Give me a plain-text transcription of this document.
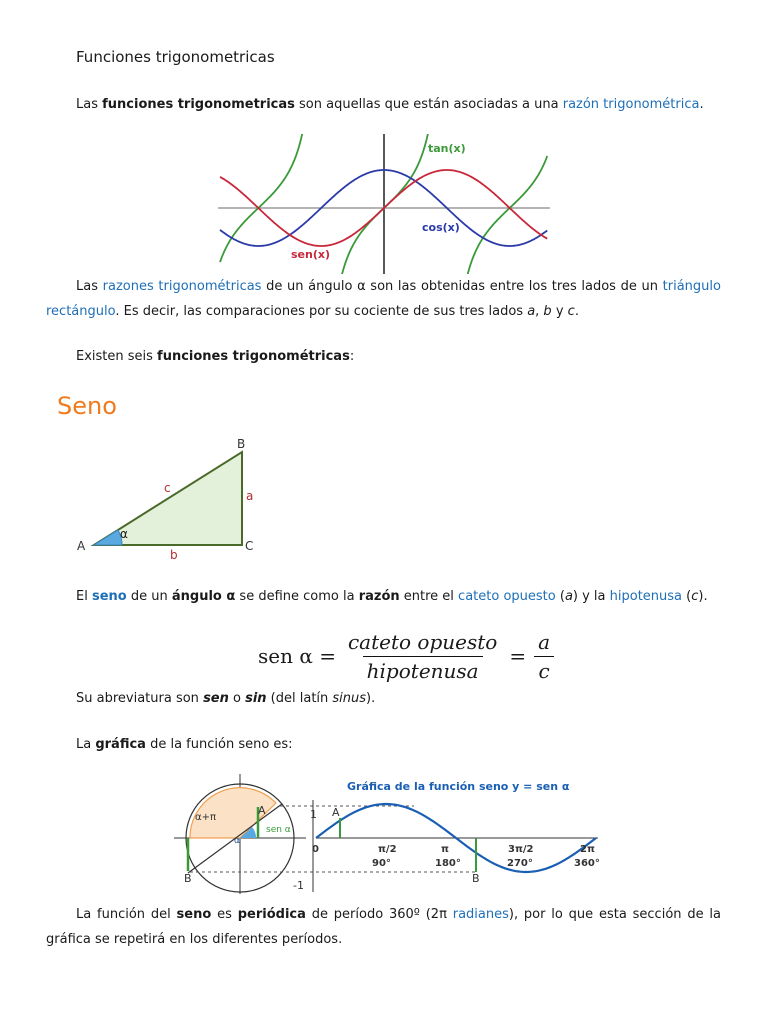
Funciones trigonometricas
Las funciones trigonometricas son aquellas que están asociadas a una razón trigonométrica.
tan(x)
cos(x)
sen(x)
Las razones trigonométricas de un ángulo α son las obtenidas entre los tres lados de un triángulo rectángulo. Es decir, las comparaciones por su cociente de sus tres lados a, b y c.
Existen seis funciones trigonométricas:
Seno
A
B
C
a
b
c
α
El seno de un ángulo α se define como la razón entre el cateto opuesto (a) y la hipotenusa (c).
sen $\alpha = \frac{\text{cateto opuesto}}{\text{hipotenusa}} = \frac{a}{c}$
Su abreviatura son sen o sin (del latín sinus).
La gráfica de la función seno es:
α+π
α
sen α
A
B
Gráfica de la función seno y = sen α
A
B
1
-1
0	π/2
90°
π
180°
3π/2
270°
2π
360°
La función del seno es periódica de período 360º (2π radianes), por lo que esta sección de la gráfica se repetirá en los diferentes períodos.
